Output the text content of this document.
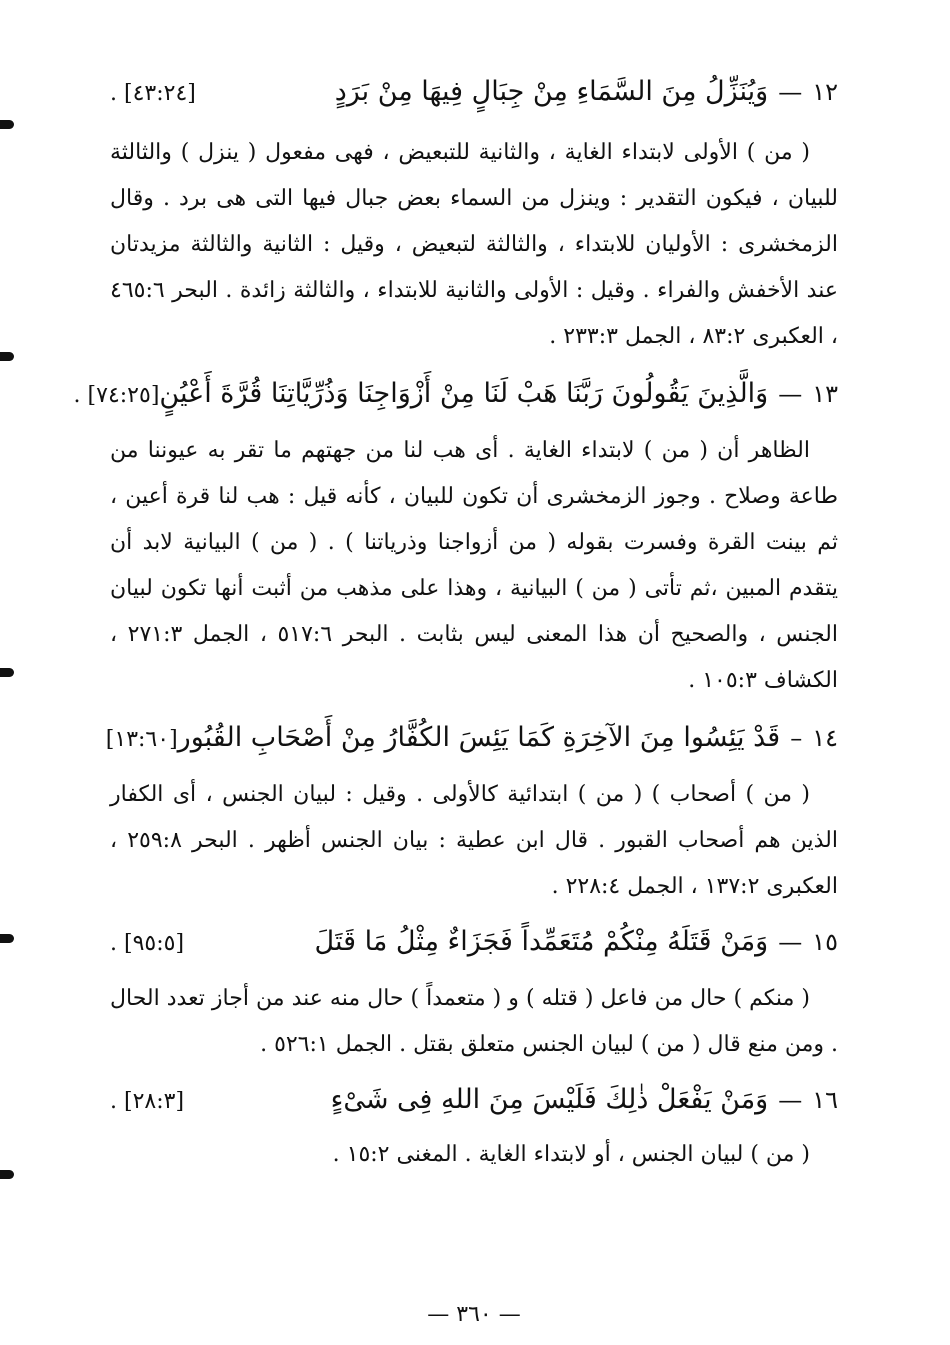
١٢
—
وَيُنَزِّلُ مِنَ السَّمَاءِ مِنْ جِبَالٍ فِيهَا مِنْ بَرَدٍ
[٤٣:٢٤] .

( من ) الأولى لابتداء الغاية ، والثانية للتبعيض ، فهى مفعول ( ينزل ) والثالثة للبيان ، فيكون التقدير : وينزل من السماء بعض جبال فيها التى هى برد . وقال الزمخشرى : الأوليان للابتداء ، والثالثة لتبعيض ، وقيل : الثانية والثالثة مزيدتان عند الأخفش والفراء . وقيل : الأولى والثانية للابتداء ، والثالثة زائدة . البحر ٤٦٥:٦ ، العكبرى ٨٣:٢ ، الجمل ٢٣٣:٣ .

١٣
—
وَالَّذِينَ يَقُولُونَ رَبَّنَا هَبْ لَنَا مِنْ أَزْوَاجِنَا وَذُرِّيَّاتِنَا قُرَّةَ أَعْيُنٍ
[٧٤:٢٥] .

الظاهر أن ( من ) لابتداء الغاية . أى هب لنا من جهتهم ما تقر به عيوننا من طاعة وصلاح . وجوز الزمخشرى أن تكون للبيان ، كأنه قيل : هب لنا قرة أعين ، ثم بينت القرة وفسرت بقوله ( من أزواجنا وذرياتنا ) . ( من ) البيانية لابد أن يتقدم المبين ،ثم تأتى ( من ) البيانية ، وهذا على مذهب من أثبت أنها تكون لبيان الجنس ، والصحيح أن هذا المعنى ليس بثابت . البحر ٥١٧:٦ ، الجمل ٢٧١:٣ ، الكشاف ١٠٥:٣ .

١٤
–
قَدْ يَئِسُوا مِنَ الآخِرَةِ كَمَا يَئِسَ الكُفَّارُ مِنْ أَصْحَابِ القُبُور
[١٣:٦٠]

( من ) أصحاب ) ( من ) ابتدائية كالأولى . وقيل : لبيان الجنس ، أى الكفار الذين هم أصحاب القبور . قال ابن عطية : بيان الجنس أظهر . البحر ٢٥٩:٨ ، العكبرى ١٣٧:٢ ، الجمل ٢٢٨:٤ .

١٥
—
وَمَنْ قَتَلَهُ مِنْكُمْ مُتَعَمِّداً فَجَزَاءٌ مِثْلُ مَا قَتَلَ
[٩٥:٥] .

( منكم ) حال من فاعل ( قتله ) و ( متعمداً ) حال منه عند من أجاز تعدد الحال . ومن منع قال ( من ) لبيان الجنس متعلق بقتل . الجمل ٥٢٦:١ .

١٦
—
وَمَنْ يَفْعَلْ ذٰلِكَ فَلَيْسَ مِنَ اللهِ فِى شَىْءٍ
[٢٨:٣] .

( من ) لبيان الجنس ، أو لابتداء الغاية . المغنى ١٥:٢ .

— ٣٦٠ —
